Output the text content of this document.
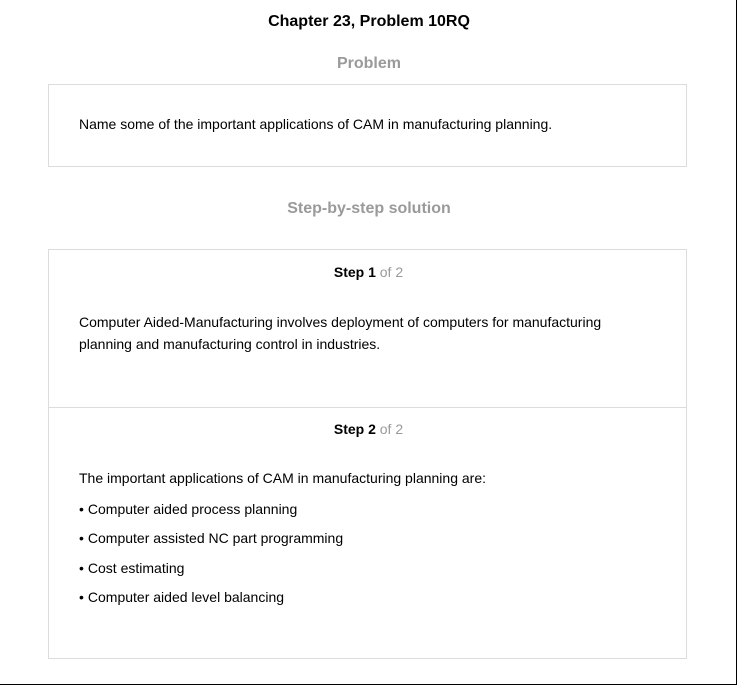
Chapter 23, Problem 10RQ
Problem
Name some of the important applications of CAM in manufacturing planning.
Step-by-step solution
Step 1 of 2
Computer Aided-Manufacturing involves deployment of computers for manufacturing planning and manufacturing control in industries.
Step 2 of 2
The important applications of CAM in manufacturing planning are:
• Computer aided process planning
• Computer assisted NC part programming
• Cost estimating
• Computer aided level balancing
